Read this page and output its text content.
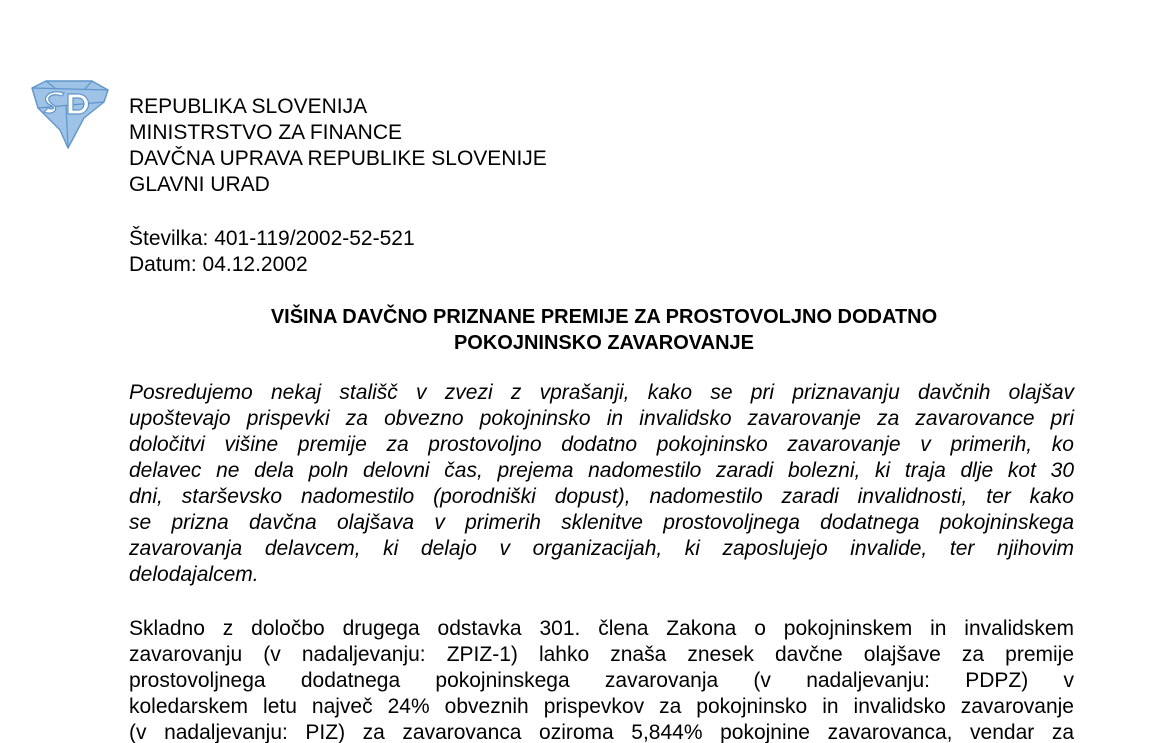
REPUBLIKA SLOVENIJA
MINISTRSTVO ZA FINANCE
DAVČNA UPRAVA REPUBLIKE SLOVENIJE
GLAVNI URAD
Številka: 401-119/2002-52-521
Datum: 04.12.2002
VIŠINA DAVČNO PRIZNANE PREMIJE ZA PROSTOVOLJNO DODATNO
POKOJNINSKO ZAVAROVANJE
Posredujemo nekaj stališč v zvezi z vprašanji, kako se pri priznavanju davčnih olajšav
upoštevajo prispevki za obvezno pokojninsko in invalidsko zavarovanje za zavarovance pri
določitvi višine premije za prostovoljno dodatno pokojninsko zavarovanje v primerih, ko
delavec ne dela poln delovni čas, prejema nadomestilo zaradi bolezni, ki traja dlje kot 30
dni, starševsko nadomestilo (porodniški dopust), nadomestilo zaradi invalidnosti, ter kako
se prizna davčna olajšava v primerih sklenitve prostovoljnega dodatnega pokojninskega
zavarovanja delavcem, ki delajo v organizacijah, ki zaposlujejo invalide, ter njihovim
delodajalcem.
Skladno z določbo drugega odstavka 301. člena Zakona o pokojninskem in invalidskem
zavarovanju (v nadaljevanju: ZPIZ-1) lahko znaša znesek davčne olajšave za premije
prostovoljnega dodatnega pokojninskega zavarovanja (v nadaljevanju: PDPZ) v
koledarskem letu največ 24% obveznih prispevkov za pokojninsko in invalidsko zavarovanje
(v nadaljevanju: PIZ) za zavarovanca oziroma 5,844% pokojnine zavarovanca, vendar za
